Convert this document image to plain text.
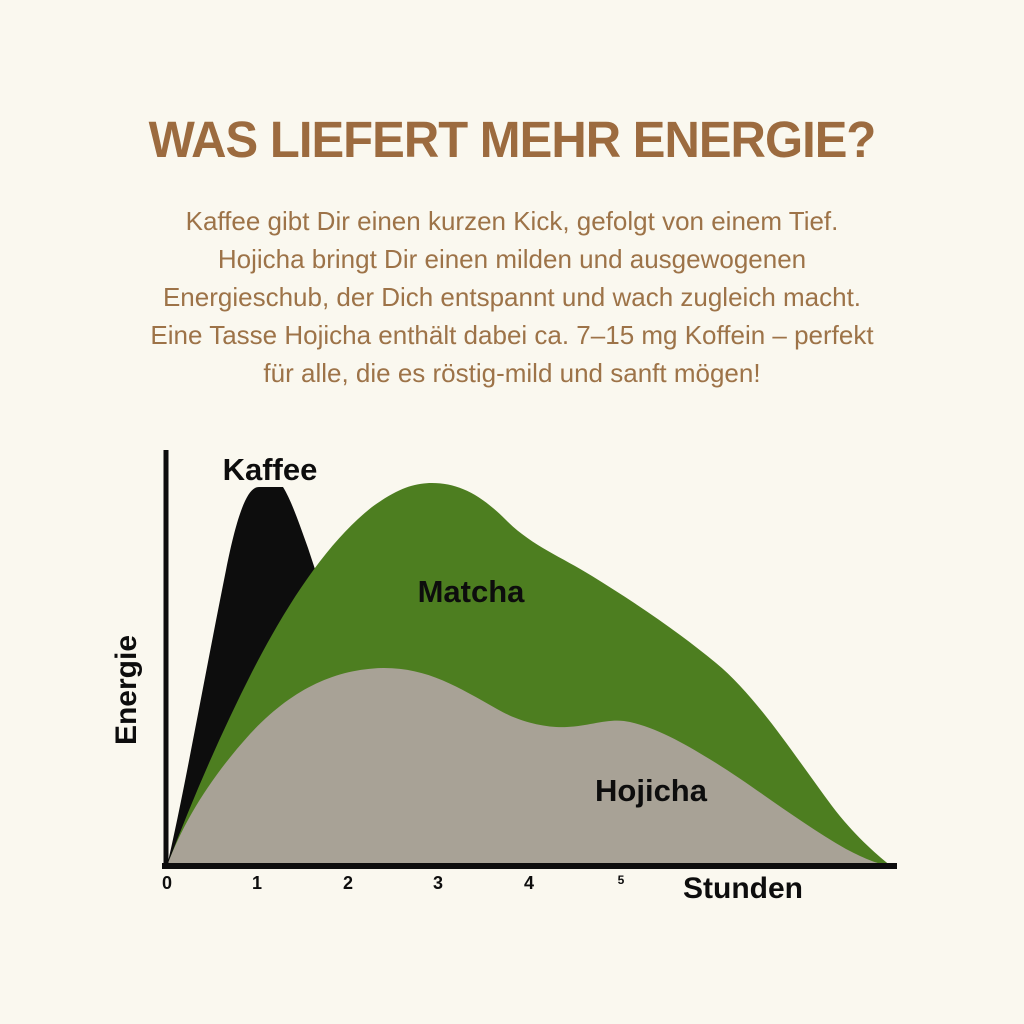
WAS LIEFERT MEHR ENERGIE?
Kaffee gibt Dir einen kurzen Kick, gefolgt von einem Tief.
Hojicha bringt Dir einen milden und ausgewogenen
Energieschub, der Dich entspannt und wach zugleich macht.
Eine Tasse Hojicha enthält dabei ca. 7–15 mg Koffein – perfekt
für alle, die es röstig-mild und sanft mögen!
0	1	2	3	4	5 Stunden
Energie
Kaffee
Matcha
Hojicha
